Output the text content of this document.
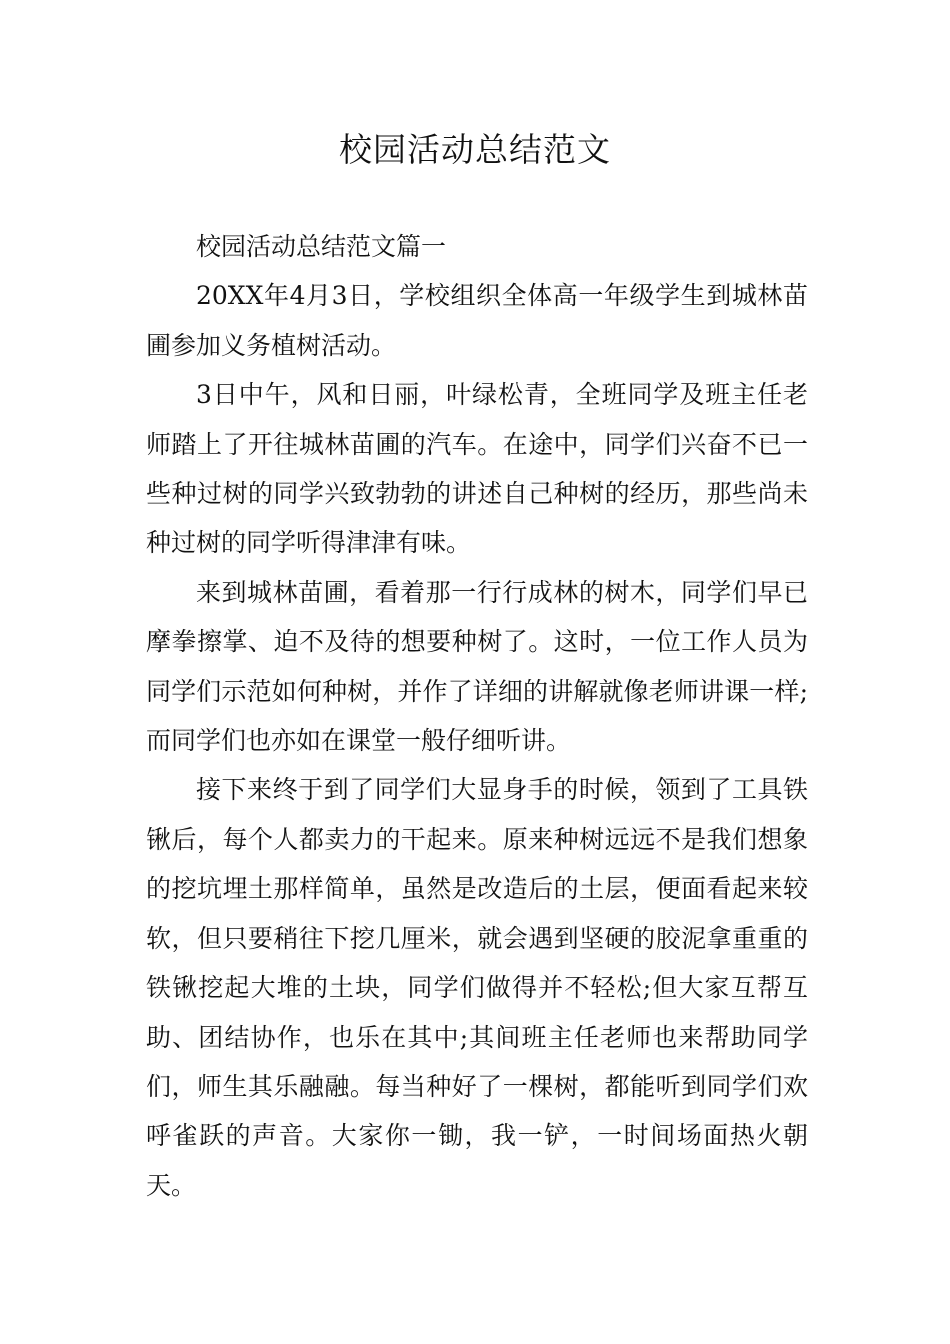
校园活动总结范文

校园活动总结范文篇一

20XX年4月3日，学校组织全体高一年级学生到城林苗圃参加义务植树活动。

3日中午，风和日丽，叶绿松青，全班同学及班主任老师踏上了开往城林苗圃的汽车。在途中，同学们兴奋不已一些种过树的同学兴致勃勃的讲述自己种树的经历，那些尚未种过树的同学听得津津有味。

来到城林苗圃，看着那一行行成林的树木，同学们早已摩拳擦掌、迫不及待的想要种树了。这时，一位工作人员为同学们示范如何种树，并作了详细的讲解就像老师讲课一样;而同学们也亦如在课堂一般仔细听讲。

接下来终于到了同学们大显身手的时候，领到了工具铁锹后，每个人都卖力的干起来。原来种树远远不是我们想象的挖坑埋土那样简单，虽然是改造后的土层，便面看起来较软，但只要稍往下挖几厘米，就会遇到坚硬的胶泥拿重重的铁锹挖起大堆的土块，同学们做得并不轻松;但大家互帮互助、团结协作，也乐在其中;其间班主任老师也来帮助同学们，师生其乐融融。每当种好了一棵树，都能听到同学们欢呼雀跃的声音。大家你一锄，我一铲，一时间场面热火朝天。
